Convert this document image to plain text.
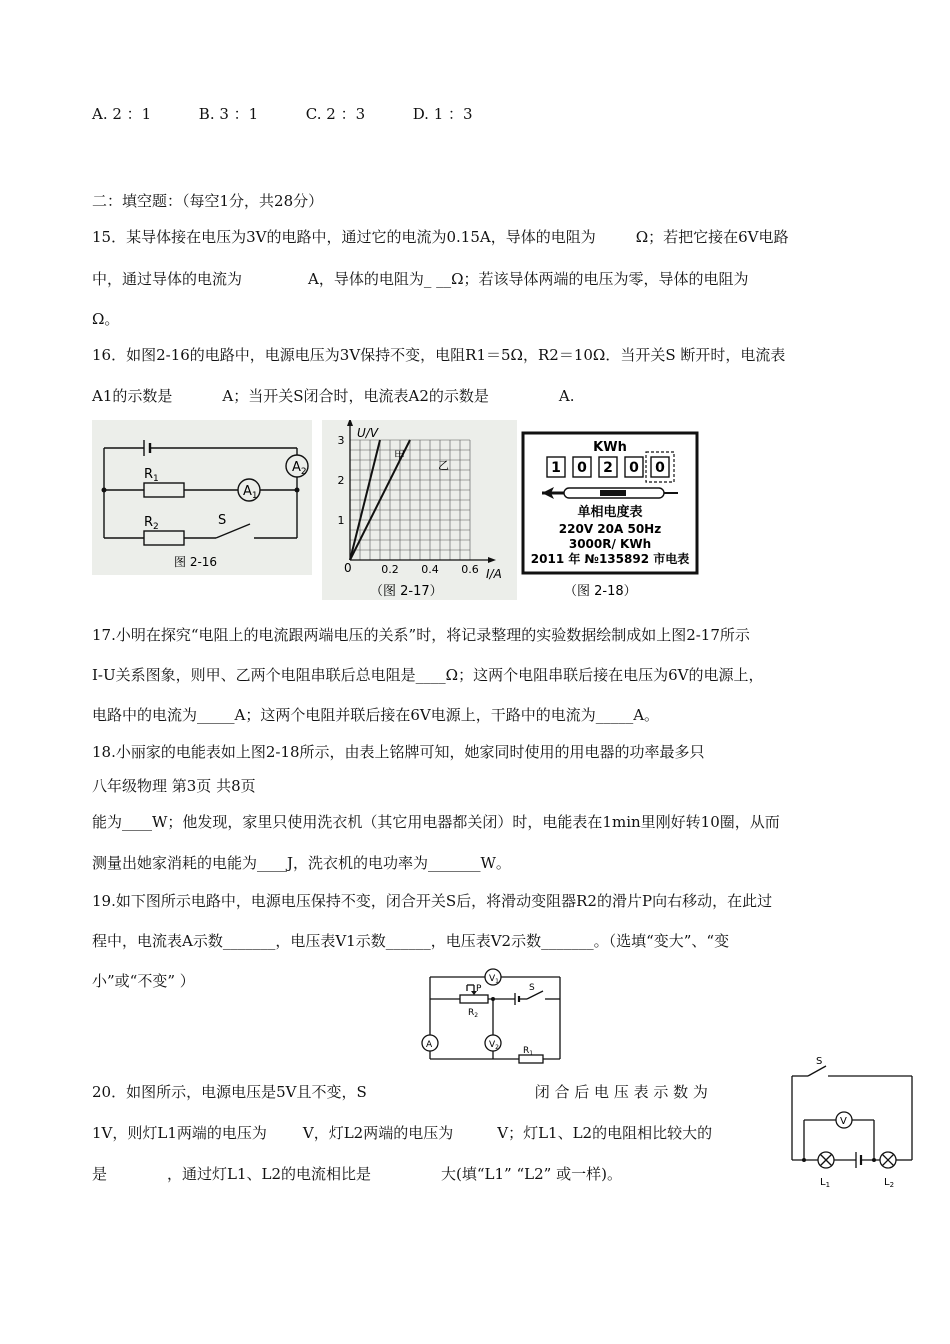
A. 2 ：1	B. 3 ：1	C. 2 ：3	D. 1 ：3
二：填空题：（每空1分，共28分）
15．某导体接在电压为3V的电路中，通过它的电流为0.15A，导体的电阻为	Ω；若把它接在6V电路
中，通过导体的电流为	A，导体的电阻为_ __Ω；若该导体两端的电压为零，导体的电阻为
Ω。
16．如图2-16的电路中，电源电压为3V保持不变，电阻R1＝5Ω，R2＝10Ω．当开关S 断开时，电流表
A1的示数是	A；当开关S闭合时，电流表A2的示数是	A.
$A_2$
$A_1$
$R_1$
$R_2$	S
图 2-16
0.2 0.4 0.6
1
2
3
0
U/V
I/A
甲
乙
（图 2-17）
KWh
1 0 2 0 0
单相电度表
220V 20A 50Hz
3000R/ KWh
2011 年 №135892 市电表
（图 2-18）
17.小明在探究“电阻上的电流跟两端电压的关系”时，将记录整理的实验数据绘制成如上图2-17所示
I-U关系图象，则甲、乙两个电阻串联后总电阻是____Ω；这两个电阻串联后接在电压为6V的电源上，
电路中的电流为_____A；这两个电阻并联后接在6V电源上，干路中的电流为_____A。
18.小丽家的电能表如上图2-18所示，由表上铭牌可知，她家同时使用的用电器的功率最多只
八年级物理 第3页 共8页
能为____W；他发现，家里只使用洗衣机（其它用电器都关闭）时，电能表在1min里刚好转10圈，从而
测量出她家消耗的电能为____J，洗衣机的电功率为_______W。
19.如下图所示电路中，电源电压保持不变，闭合开关S后，将滑动变阻器R2的滑片P向右移动，在此过
程中，电流表A示数_______，电压表V1示数______，电压表V2示数_______。（选填“变大”、“变
小”或“不变” ）	$V_1$
A	$V_2$
P
$R_2$
$R_1$
S
20．如图所示，电源电压是5V且不变，S	闭 合 后 电 压 表 示 数 为
1V，则灯L1两端的电压为 V，灯L2两端的电压为	V；灯L1、L2的电阻相比较大的
是	，通过灯L1、L2的电流相比是	大(填“L1” “L2” 或一样)。
S
V
$L_1$	$L_2$
